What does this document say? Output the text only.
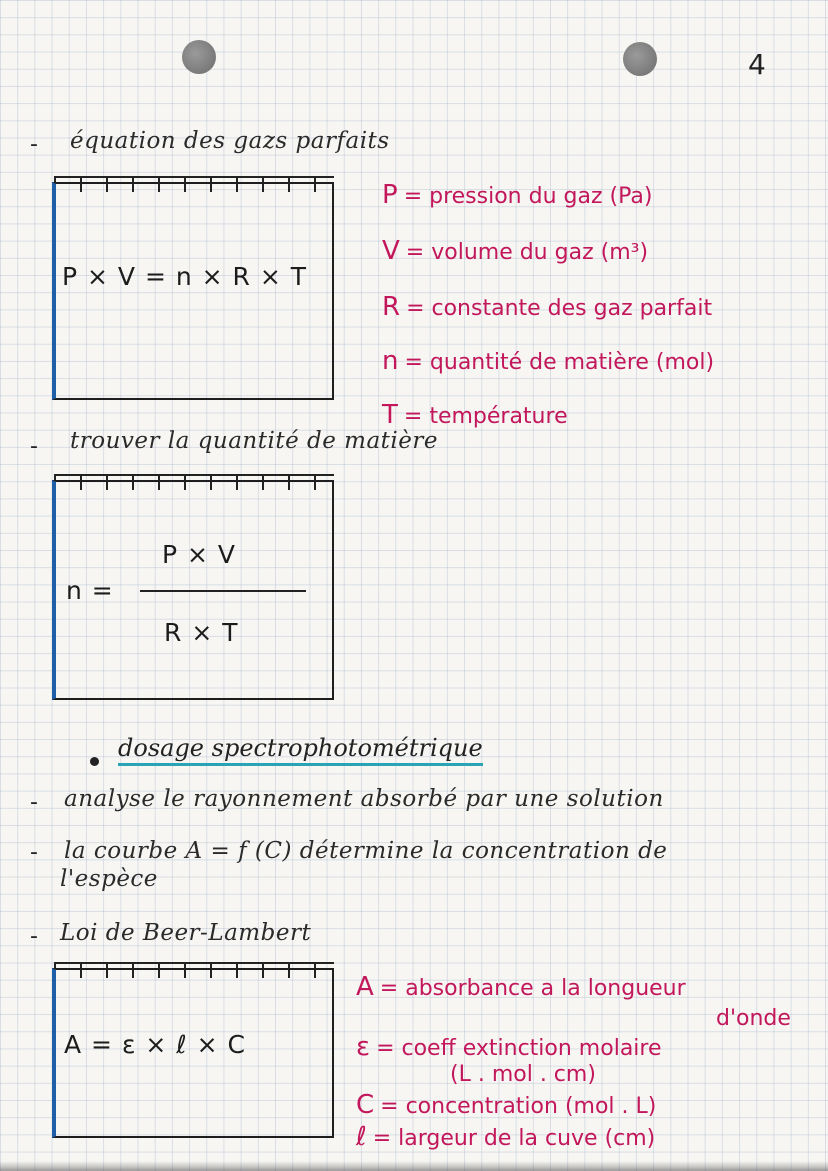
4
- équation des gazs parfaits
P × V = n × R × T
P = pression du gaz (Pa)
V = volume du gaz (m³)
R = constante des gaz parfait
n = quantité de matière (mol)
T = température
- trouver la quantité de matière
n =
P × V
R × T
dosage spectrophotométrique
- analyse le rayonnement absorbé par une solution
- la courbe A = f (C) détermine la concentration de
l'espèce
- Loi de Beer-Lambert
A = ε × ℓ × C
A = absorbance a la longueur
d'onde
ε = coeff extinction molaire
(L . mol . cm)
C = concentration (mol . L)
ℓ = largeur de la cuve (cm)
